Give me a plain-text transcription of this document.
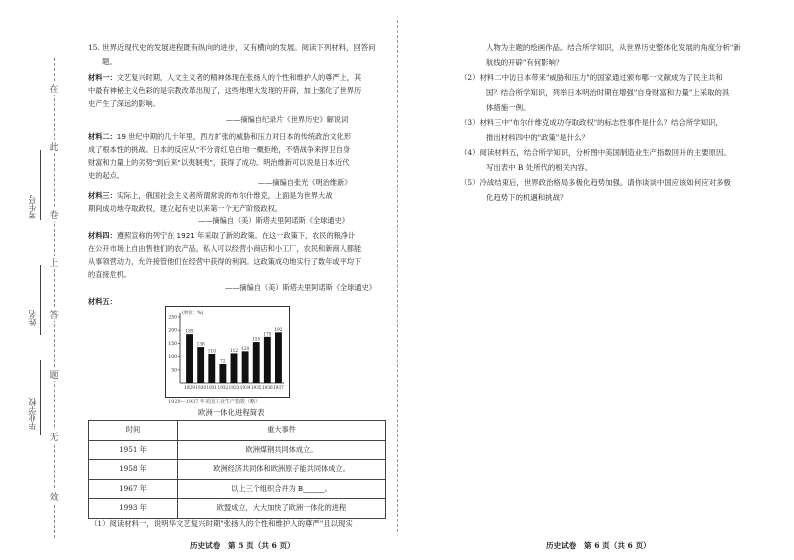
在
此
卷
上
答
题
无
效
考生号
姓名
毕业学校
15. 世界近现代史的发展进程既有纵向的进步，又有横向的发展。阅读下列材料，回答问
题。
材料一：文艺复兴时期，人文主义者的精神体现在张扬人的个性和维护人的尊严上，其
中最有神秘主义色彩的是宗教改革出现了，这些地理大发现的开辟，加上强化了世界历
史产生了深远的影响。
——摘编自纪录片《世界历史》解说词
材料二：19 世纪中期的几十年里，西方扩张的威胁和压力对日本的传统政治文化形
成了根本性的挑战。日本的反应从"不分青红皂白地一概拒绝，不惜战争来捍卫自身
财富和力量上的劣势"到后来"以夷制夷"，获得了成功。明治维新可以说是日本近代
史的起点。
——摘编自张光《明治维新》
材料三：实际上，俄国社会主义者所谓常说的布尔什维克，上面是为世界大战
期间成功地夺取政权，建立起有史以来第一个无产阶级政权。
——摘编自（美）斯塔夫里阿诺斯《全球通史》
材料四：遵照宣称的列宁在 1921 年采取了新的政策。在这一政策下，农民的粮净计
在公开市场上自由售他们的农产品，私人可以经营小商店和小工厂，农民和新商人都能
从事领营动力，允许接管他们在经营中获得的利润。这政策成功地实行了数年或平均下
的直接危机。
——摘编自（美）斯塔夫里阿诺斯《全球通史》
材料五：
(单位：%)
250
200
150
100
50
185
1929
136
1930
110
1931
72
1932
112
1933
120
1934
155
1935
175
1936
192
1937
1929—1937 年美国工业生产指数（略）
欧洲一体化进程简表
时间	重大事件
1951 年	欧洲煤钢共同体成立。
1958 年	欧洲经济共同体和欧洲原子能共同体成立。
1967 年	以上三个组织合并为 B______。
1993 年	欧盟成立，大大加快了欧洲一体化的进程
（1）阅读材料一，说明华文艺复兴时期"张扬人的个性和维护人的尊严"且以现实
历史试卷　第 5 页（共 6 页）
人物为主题的绘画作品。结合所学知识，从世界历史整体化发展的角度分析"新
航线的开辟"有何影响？
（2）材料二中访日本带来"威胁和压力"的国家通过颁布哪一文献成为了民主共和
国？结合所学知识，列举日本明治时期在增强"自身财富和力量"上采取的具
体措施一例。
（3）材料三中"布尔什维克成功夺取政权"的标志性事件是什么？结合所学知识，
推出材料四中的"政策"是什么？
（4）阅读材料五，结合所学知识，分析图中美国制造业生产指数回升的主要原因。
写出表中 B 处所代的相关内容。
（5）冷战结束后，世界政治格局多极化趋势加强。请你谈谈中国应该如何应对多极
化趋势下的机遇和挑战？
历史试卷　第 6 页（共 6 页）
